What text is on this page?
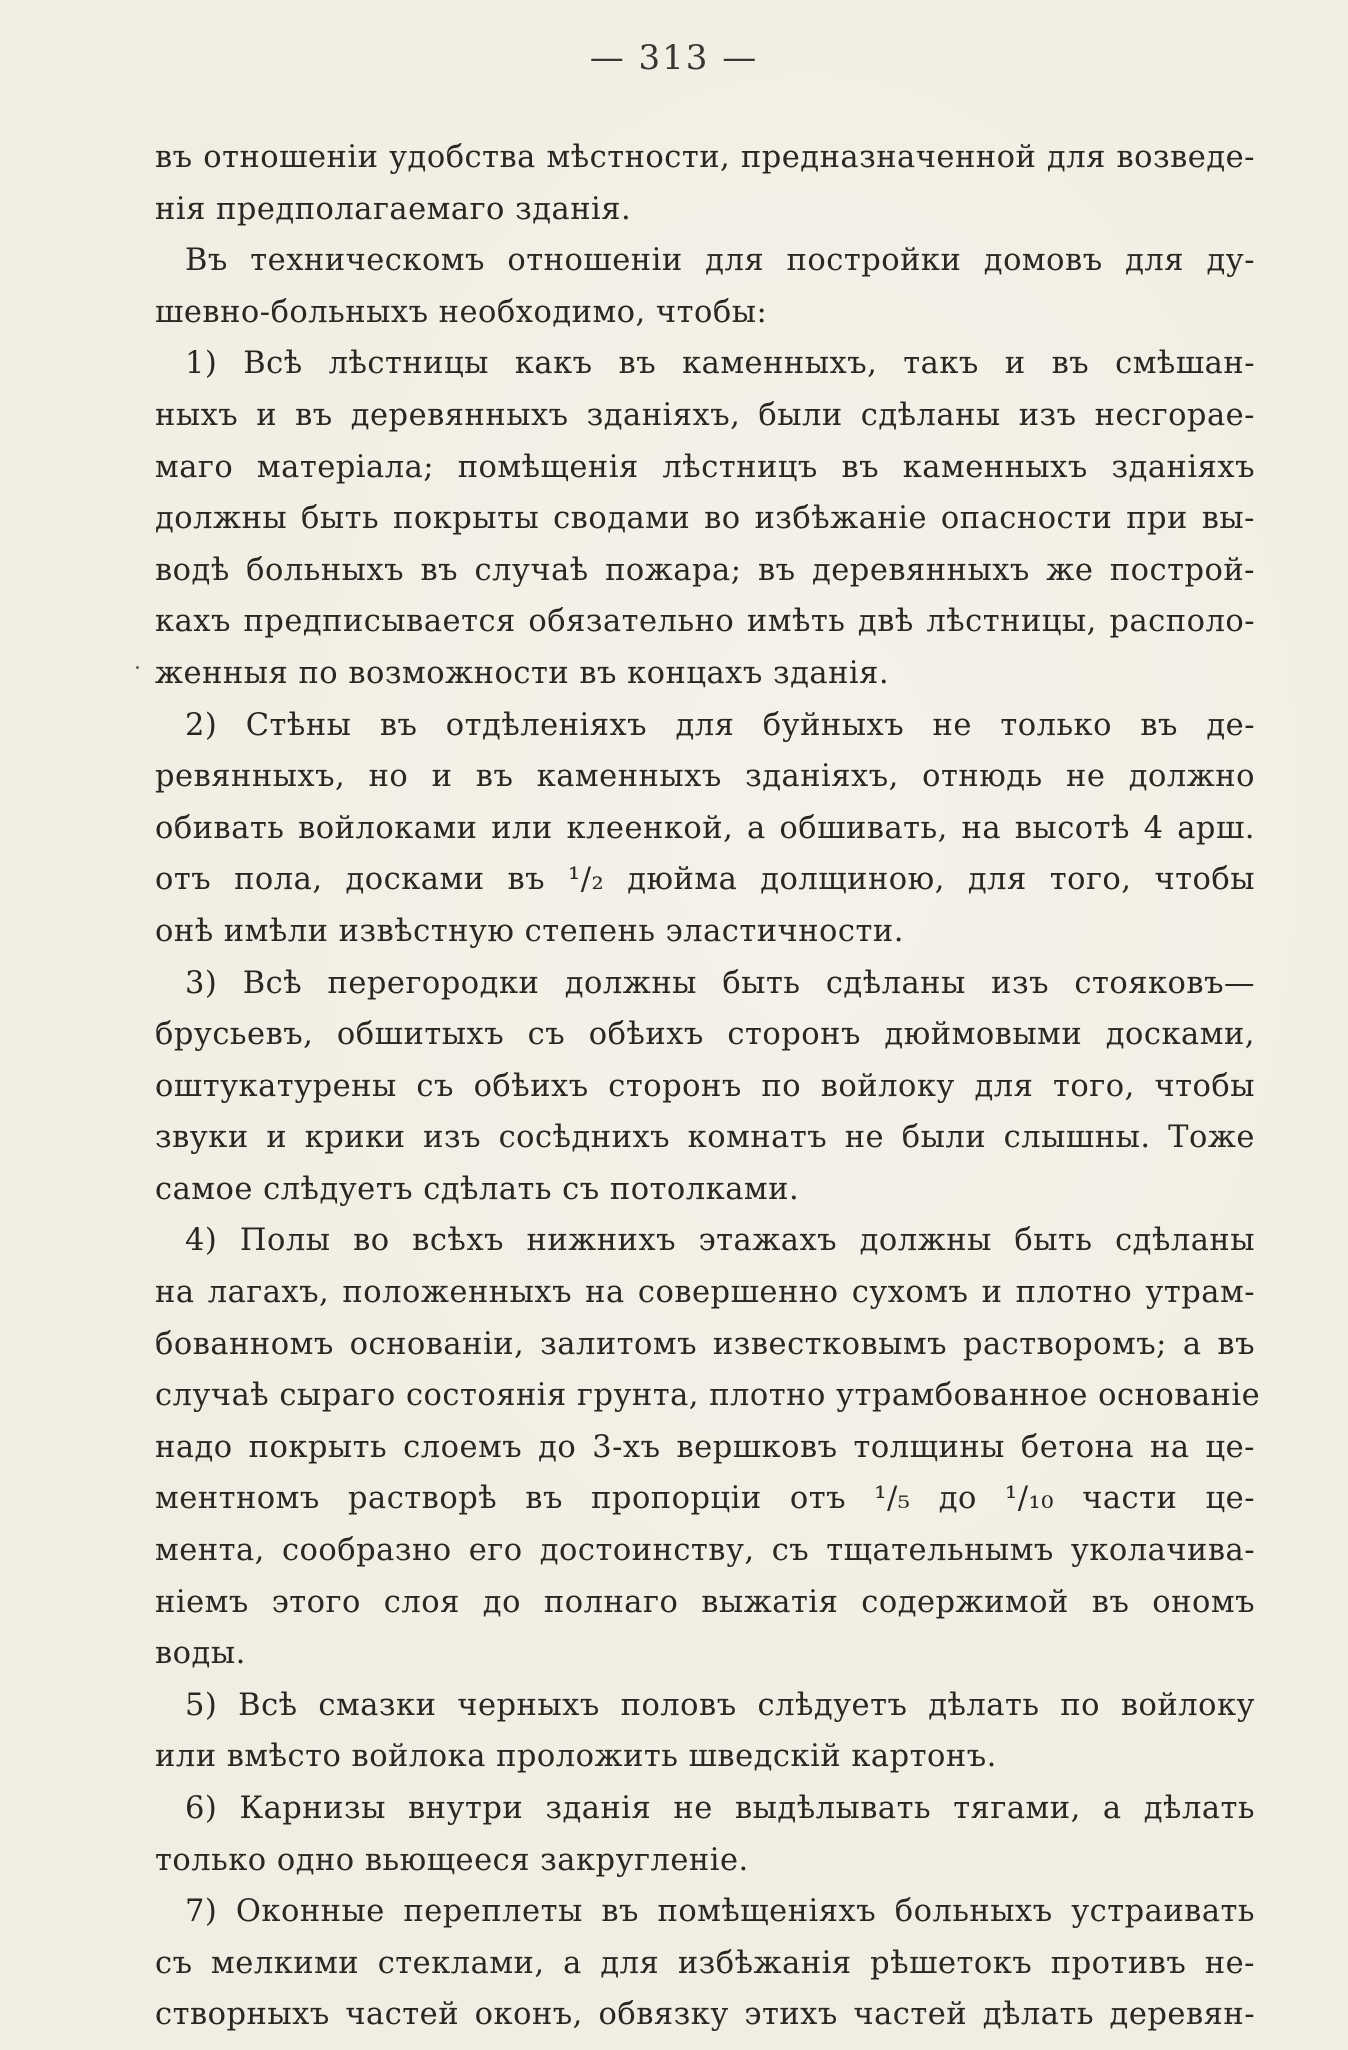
— 313 —
въ отношеніи удобства мѣстности, предназначенной для возведе-
нія предполагаемаго зданія.
Въ техническомъ отношеніи для постройки домовъ для ду-
шевно-больныхъ необходимо, чтобы:
1) Всѣ лѣстницы какъ въ каменныхъ, такъ и въ смѣшан-
ныхъ и въ деревянныхъ зданіяхъ, были сдѣланы изъ несгорае-
маго матеріала; помѣщенія лѣстницъ въ каменныхъ зданіяхъ
должны быть покрыты сводами во избѣжаніе опасности при вы-
водѣ больныхъ въ случаѣ пожара; въ деревянныхъ же построй-
кахъ предписывается обязательно имѣть двѣ лѣстницы, располо-
женныя по возможности въ концахъ зданія.
2) Стѣны въ отдѣленіяхъ для буйныхъ не только въ де-
ревянныхъ, но и въ каменныхъ зданіяхъ, отнюдь не должно
обивать войлоками или клеенкой, а обшивать, на высотѣ 4 арш.
отъ пола, досками въ ¹/₂ дюйма долщиною, для того, чтобы
онѣ имѣли извѣстную степень эластичности.
3) Всѣ перегородки должны быть сдѣланы изъ стояковъ—
брусьевъ, обшитыхъ съ обѣихъ сторонъ дюймовыми досками,
оштукатурены съ обѣихъ сторонъ по войлоку для того, чтобы
звуки и крики изъ сосѣднихъ комнатъ не были слышны. Тоже
самое слѣдуетъ сдѣлать съ потолками.
4) Полы во всѣхъ нижнихъ этажахъ должны быть сдѣланы
на лагахъ, положенныхъ на совершенно сухомъ и плотно утрам-
бованномъ основаніи, залитомъ известковымъ растворомъ; а въ
случаѣ сыраго состоянія грунта, плотно утрамбованное основаніе
надо покрыть слоемъ до 3-хъ вершковъ толщины бетона на це-
ментномъ растворѣ въ пропорціи отъ ¹/₅ до ¹/₁₀ части це-
мента, сообразно его достоинству, съ тщательнымъ уколачива-
ніемъ этого слоя до полнаго выжатія содержимой въ ономъ
воды.
5) Всѣ смазки черныхъ половъ слѣдуетъ дѣлать по войлоку
или вмѣсто войлока проложить шведскій картонъ.
6) Карнизы внутри зданія не выдѣлывать тягами, а дѣлать
только одно вьющееся закругленіе.
7) Оконные переплеты въ помѣщеніяхъ больныхъ устраивать
съ мелкими стеклами, а для избѣжанія рѣшетокъ противъ не-
створныхъ частей оконъ, обвязку этихъ частей дѣлать деревян-
